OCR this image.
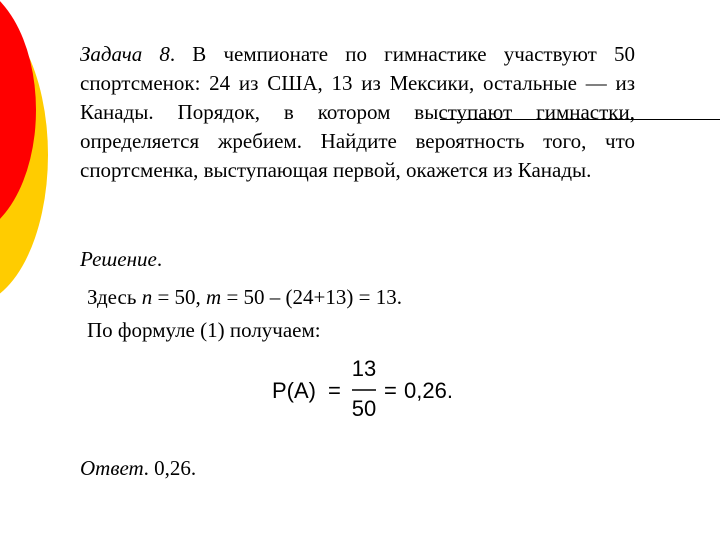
Задача 8. В чемпионате по гимнастике участвуют 50 спортсменок: 24 из США, 13 из Мексики, остальные — из Канады. Порядок, в котором выступают гимнастки, определяется жребием. Найдите вероятность того, что спортсменка, выступающая первой, окажется из Канады.
Решение.
Здесь n = 50, m = 50 – (24+13) = 13.
По формуле (1) получаем:
P(A) =
13
50
= 0,26.
Ответ. 0,26.
